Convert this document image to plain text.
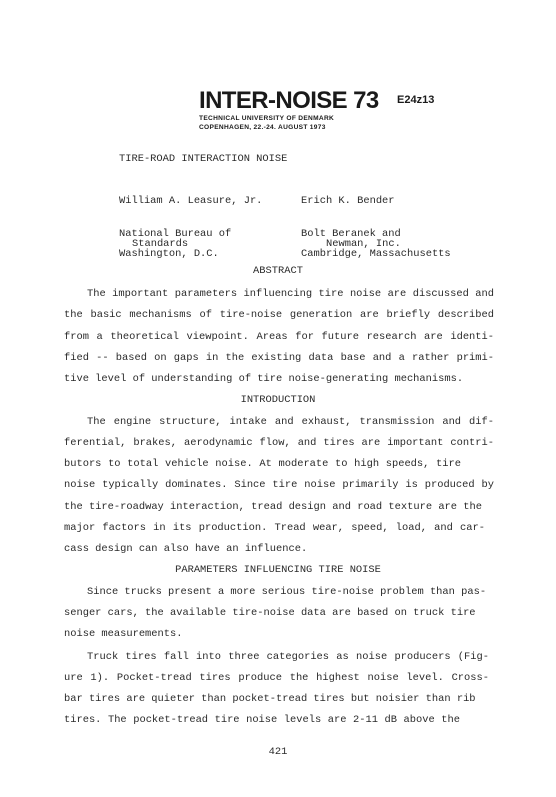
INTER-NOISE 73 E24z13
TECHNICAL UNIVERSITY OF DENMARK
COPENHAGEN, 22.-24. AUGUST 1973
TIRE-ROAD INTERACTION NOISE
William A. Leasure, Jr.	Erich K. Bender
National Bureau of
Standards
Washington, D.C.
Bolt Beranek and
Newman, Inc.
Cambridge, Massachusetts
ABSTRACT
The important parameters influencing tire noise are discussed and
the basic mechanisms of tire-noise generation are briefly described
from a theoretical viewpoint. Areas for future research are identi-
fied -- based on gaps in the existing data base and a rather primi-
tive level of understanding of tire noise-generating mechanisms.
INTRODUCTION
The engine structure, intake and exhaust, transmission and dif-
ferential, brakes, aerodynamic flow, and tires are important contri-
butors to total vehicle noise. At moderate to high speeds, tire
noise typically dominates. Since tire noise primarily is produced by
the tire-roadway interaction, tread design and road texture are the
major factors in its production. Tread wear, speed, load, and car-
cass design can also have an influence.
PARAMETERS INFLUENCING TIRE NOISE
Since trucks present a more serious tire-noise problem than pas-
senger cars, the available tire-noise data are based on truck tire
noise measurements.
Truck tires fall into three categories as noise producers (Fig-
ure 1). Pocket-tread tires produce the highest noise level. Cross-
bar tires are quieter than pocket-tread tires but noisier than rib
tires. The pocket-tread tire noise levels are 2-11 dB above the
421
